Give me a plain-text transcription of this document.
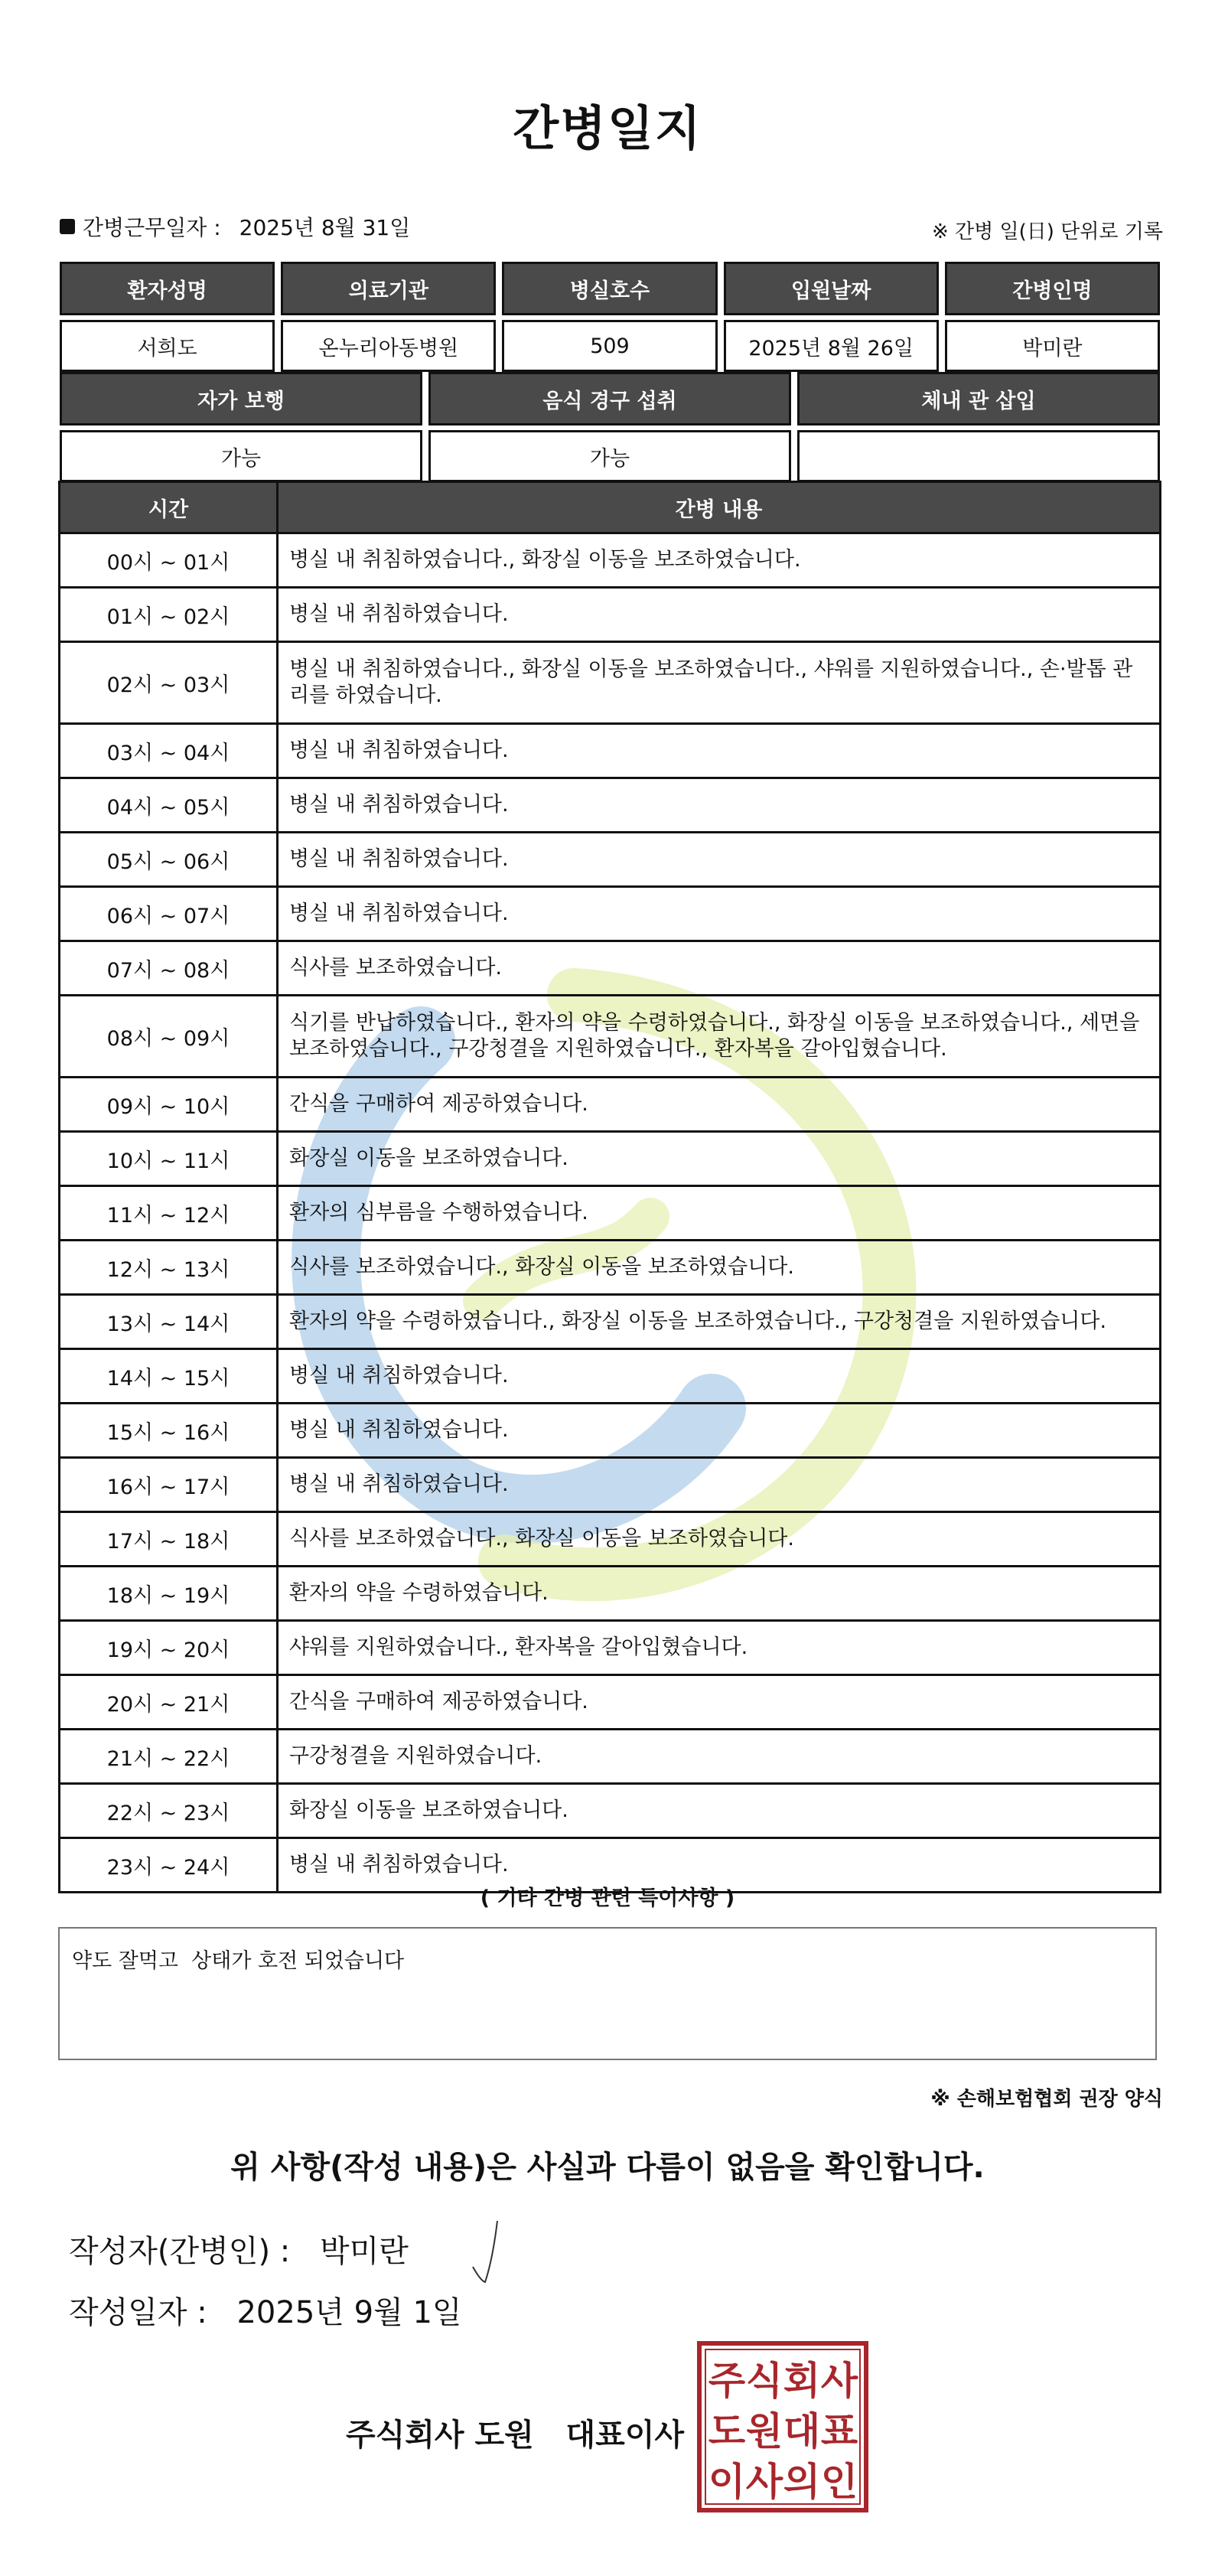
간병일지
간병근무일자 : 2025년 8월 31일	※ 간병 일(日) 단위로 기록
환자성명	의료기관	병실호수	입원날짜	간병인명
서희도	온누리아동병원	509	2025년 8월 26일	박미란
자가 보행	음식 경구 섭취	체내 관 삽입
가능	가능	
시간	간병 내용
00시 ~ 01시	병실 내 취침하였습니다., 화장실 이동을 보조하였습니다.
01시 ~ 02시	병실 내 취침하였습니다.
02시 ~ 03시	병실 내 취침하였습니다., 화장실 이동을 보조하였습니다., 샤워를 지원하였습니다., 손·발톱 관리를 하였습니다.
03시 ~ 04시	병실 내 취침하였습니다.
04시 ~ 05시	병실 내 취침하였습니다.
05시 ~ 06시	병실 내 취침하였습니다.
06시 ~ 07시	병실 내 취침하였습니다.
07시 ~ 08시	식사를 보조하였습니다.
08시 ~ 09시	식기를 반납하였습니다., 환자의 약을 수령하였습니다., 화장실 이동을 보조하였습니다., 세면을 보조하였습니다., 구강청결을 지원하였습니다., 환자복을 갈아입혔습니다.
09시 ~ 10시	간식을 구매하여 제공하였습니다.
10시 ~ 11시	화장실 이동을 보조하였습니다.
11시 ~ 12시	환자의 심부름을 수행하였습니다.
12시 ~ 13시	식사를 보조하였습니다., 화장실 이동을 보조하였습니다.
13시 ~ 14시	환자의 약을 수령하였습니다., 화장실 이동을 보조하였습니다., 구강청결을 지원하였습니다.
14시 ~ 15시	병실 내 취침하였습니다.
15시 ~ 16시	병실 내 취침하였습니다.
16시 ~ 17시	병실 내 취침하였습니다.
17시 ~ 18시	식사를 보조하였습니다., 화장실 이동을 보조하였습니다.
18시 ~ 19시	환자의 약을 수령하였습니다.
19시 ~ 20시	샤워를 지원하였습니다., 환자복을 갈아입혔습니다.
20시 ~ 21시	간식을 구매하여 제공하였습니다.
21시 ~ 22시	구강청결을 지원하였습니다.
22시 ~ 23시	화장실 이동을 보조하였습니다.
23시 ~ 24시	병실 내 취침하였습니다.
( 기타 간병 관련 특이사항 )
약도 잘먹고  상태가 호전 되었습니다
※ 손해보험협회 권장 양식
위 사항(작성 내용)은 사실과 다름이 없음을 확인합니다.
작성자(간병인) : 박미란
작성일자 : 2025년 9월 1일
주식회사 도원   대표이사
주 식 회 사
도 원 대 표
이 사 의 인
